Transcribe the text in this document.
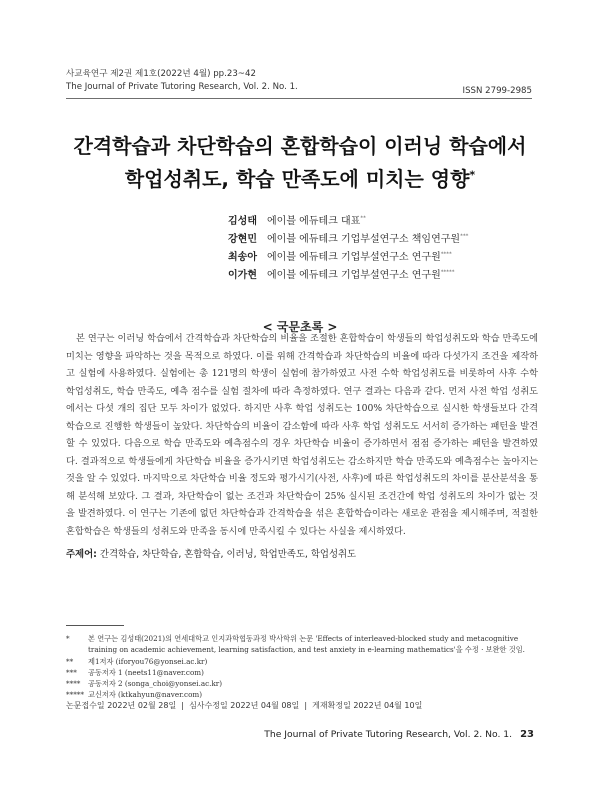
사교육연구 제2권 제1호(2022년 4월) pp.23~42
The Journal of Private Tutoring Research, Vol. 2. No. 1.	ISSN 2799-2985
간격학습과 차단학습의 혼합학습이 이러닝 학습에서
학업성취도, 학습 만족도에 미치는 영향*
김성태 에이블 에듀테크 대표**
강현민 에이블 에듀테크 기업부설연구소 책임연구원***
최송아 에이블 에듀테크 기업부설연구소 연구원****
이가현 에이블 에듀테크 기업부설연구소 연구원*****
< 국문초록 >

본 연구는 이러닝 학습에서 간격학습과 차단학습의 비율을 조절한 혼합학습이 학생들의 학업성취도와 학습 만족도에 미치는 영향을 파악하는 것을 목적으로 하였다. 이를 위해 간격학습과 차단학습의 비율에 따라 다섯가지 조건을 제작하고 실험에 사용하였다. 실험에는 총 121명의 학생이 실험에 참가하였고 사전 수학 학업성취도를 비롯하여 사후 수학 학업성취도, 학습 만족도, 예측 점수를 실험 절차에 따라 측정하였다. 연구 결과는 다음과 같다. 먼저 사전 학업 성취도에서는 다섯 개의 집단 모두 차이가 없었다. 하지만 사후 학업 성취도는 100% 차단학습으로 실시한 학생들보다 간격학습으로 진행한 학생들이 높았다. 차단학습의 비율이 감소함에 따라 사후 학업 성취도도 서서히 증가하는 패턴을 발견할 수 있었다. 다음으로 학습 만족도와 예측점수의 경우 차단학습 비율이 증가하면서 점점 증가하는 패턴을 발견하였다. 결과적으로 학생들에게 차단학습 비율을 증가시키면 학업성취도는 감소하지만 학습 만족도와 예측점수는 높아지는 것을 알 수 있었다. 마지막으로 차단학습 비율 정도와 평가시기(사전, 사후)에 따른 학업성취도의 차이를 분산분석을 통해 분석해 보았다. 그 결과, 차단학습이 없는 조건과 차단학습이 25% 실시된 조건간에 학업 성취도의 차이가 없는 것을 발견하였다. 이 연구는 기존에 없던 차단학습과 간격학습을 섞은 혼합학습이라는 새로운 관점을 제시해주며, 적절한 혼합학습은 학생들의 성취도와 만족을 동시에 만족시킬 수 있다는 사실을 제시하였다.

주제어: 간격학습, 차단학습, 혼합학습, 이러닝, 학업만족도, 학업성취도
*	본 연구는 김성태(2021)의 연세대학교 인지과학협동과정 박사학위 논문 'Effects of interleaved-blocked study and metacognitive training on academic achievement, learning satisfaction, and test anxiety in e-learning mathematics'을 수정 · 보완한 것임.
** 제1저자 (iforyou76@yonsei.ac.kr)
*** 공동저자 1 (neets11@naver.com)
**** 공동저자 2 (songa_choi@yonsei.ac.kr)
***** 교신저자 (ktkahyun@naver.com)
논문접수일 2022년 02월 28일 | 심사수정일 2022년 04월 08일 | 게재확정일 2022년 04월 10일
The Journal of Private Tutoring Research, Vol. 2. No. 1. 23
